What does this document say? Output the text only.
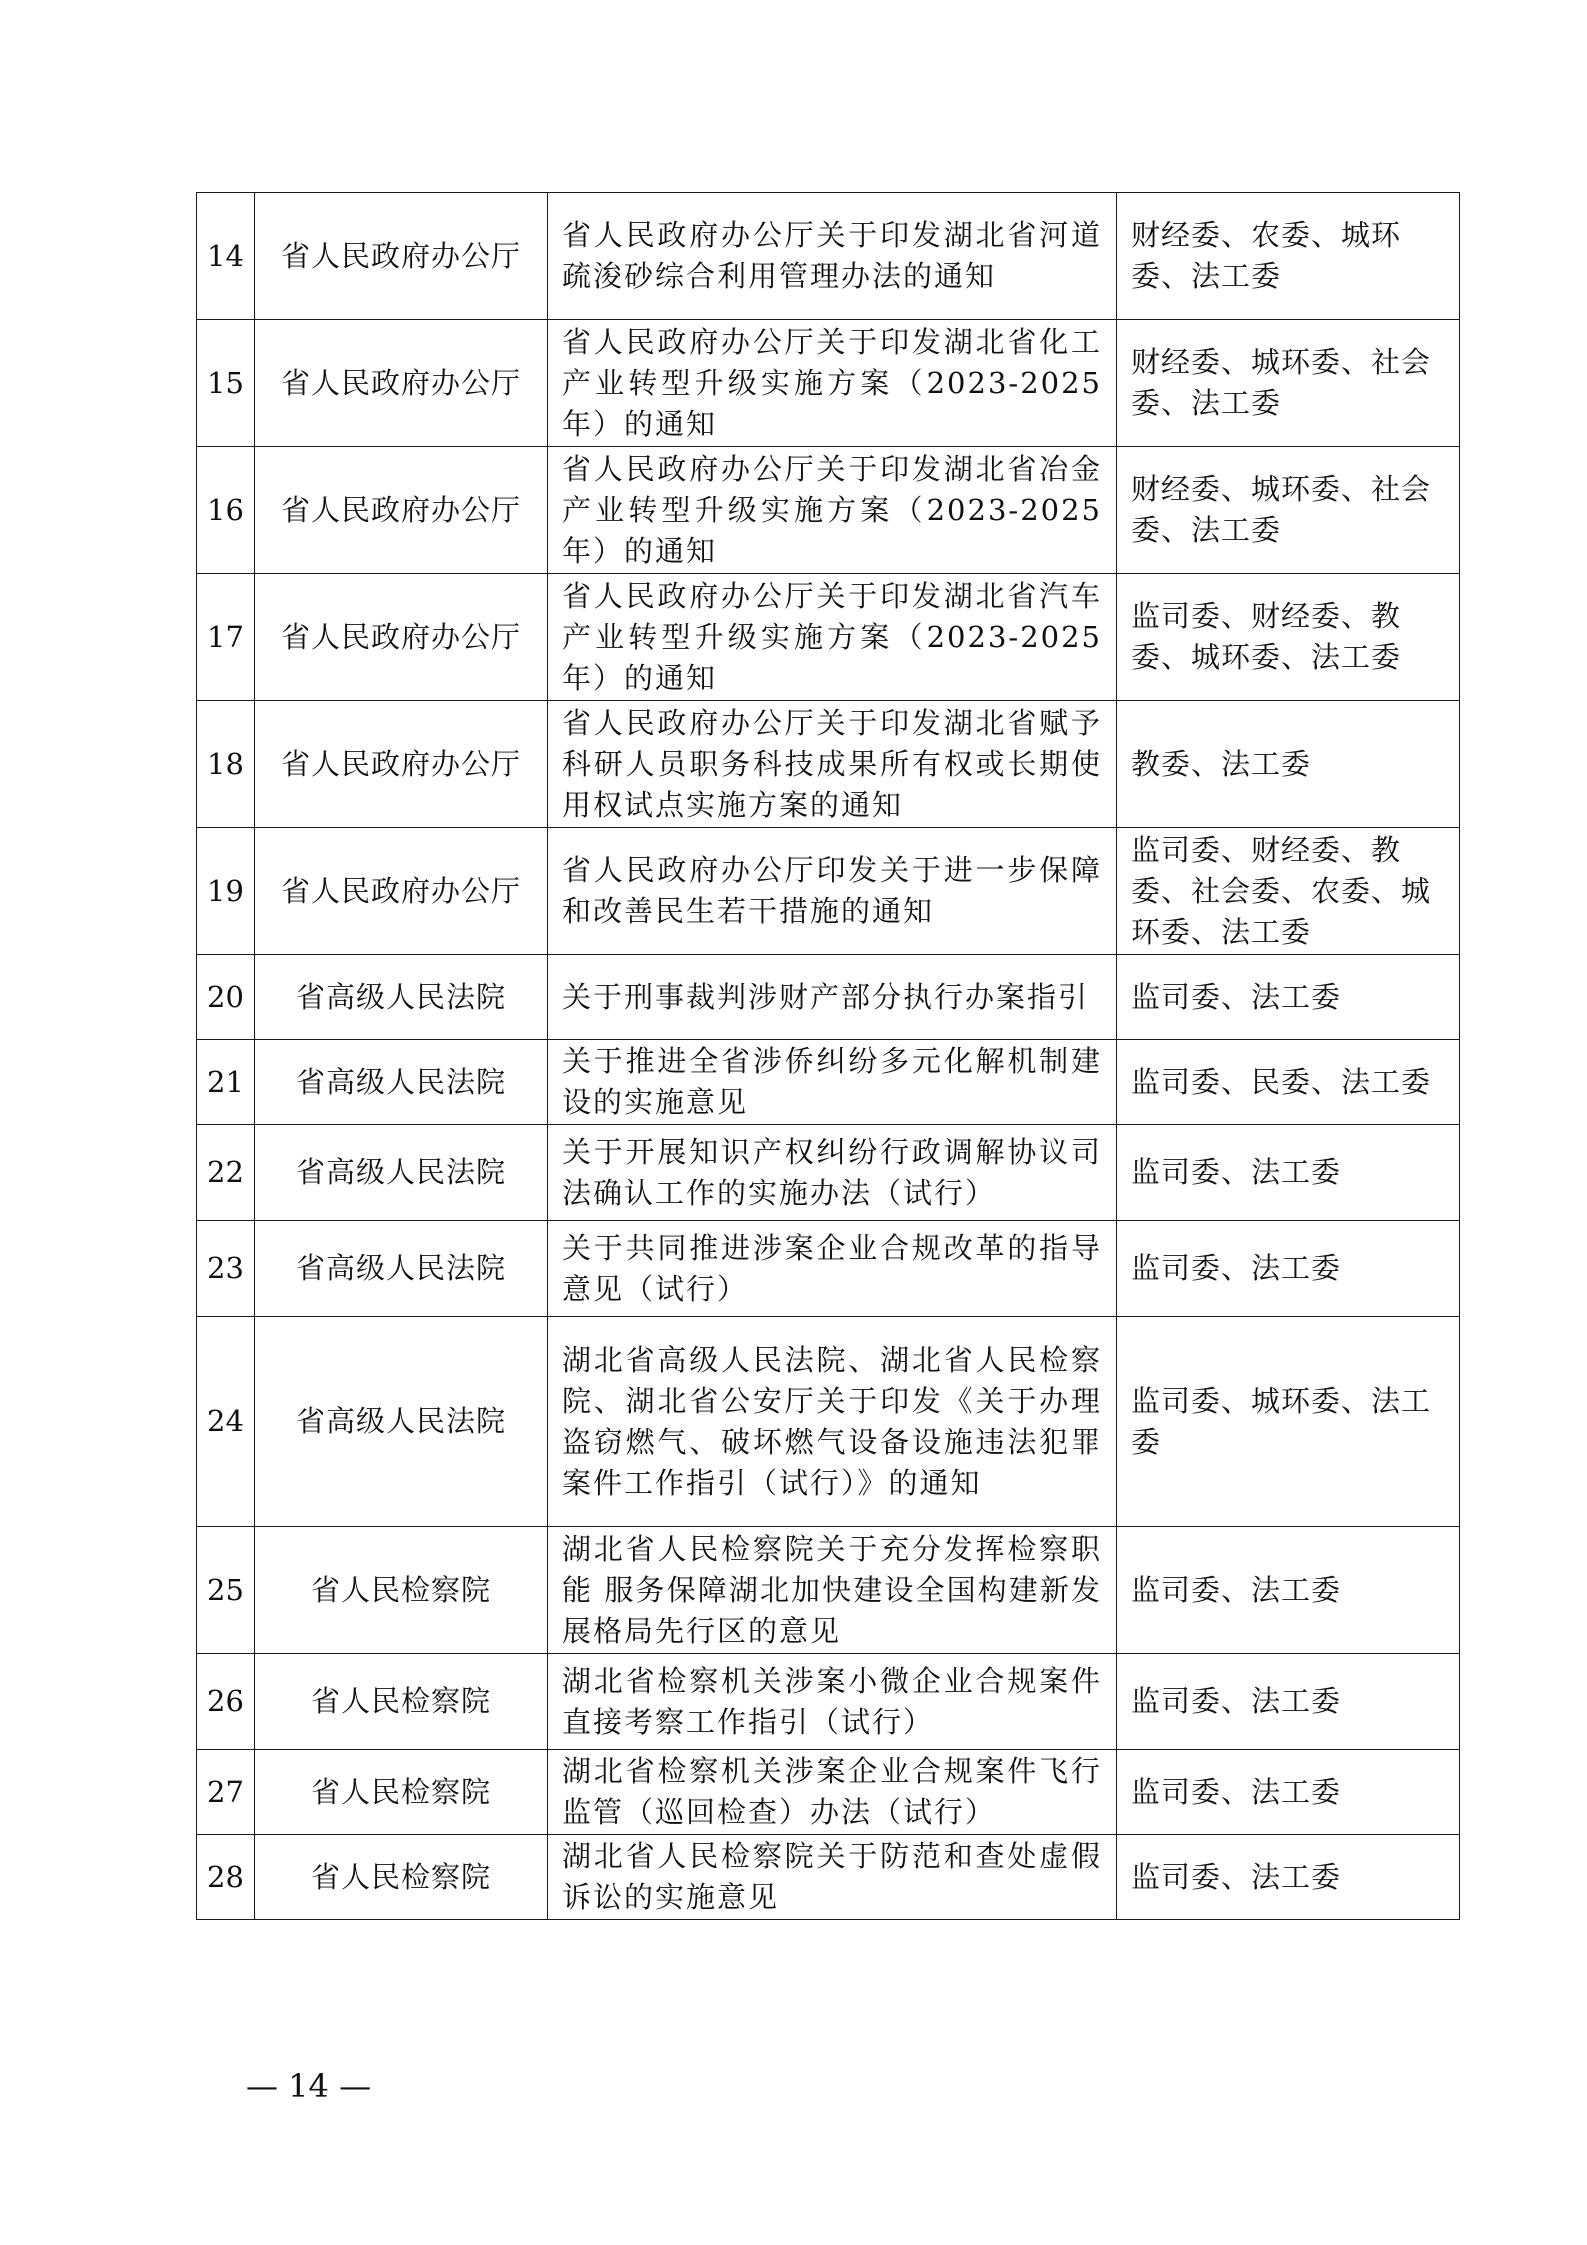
14	省人民政府办公厅	省人民政府办公厅关于印发湖北省河道疏浚砂综合利用管理办法的通知	财经委、农委、城环委、法工委
15	省人民政府办公厅	省人民政府办公厅关于印发湖北省化工产业转型升级实施方案（2023-2025年）的通知	财经委、城环委、社会委、法工委
16	省人民政府办公厅	省人民政府办公厅关于印发湖北省冶金产业转型升级实施方案（2023-2025年）的通知	财经委、城环委、社会委、法工委
17	省人民政府办公厅	省人民政府办公厅关于印发湖北省汽车产业转型升级实施方案（2023-2025年）的通知	监司委、财经委、教委、城环委、法工委
18	省人民政府办公厅	省人民政府办公厅关于印发湖北省赋予科研人员职务科技成果所有权或长期使用权试点实施方案的通知	教委、法工委
19	省人民政府办公厅	省人民政府办公厅印发关于进一步保障和改善民生若干措施的通知	监司委、财经委、教委、社会委、农委、城环委、法工委
20	省高级人民法院	关于刑事裁判涉财产部分执行办案指引	监司委、法工委
21	省高级人民法院	关于推进全省涉侨纠纷多元化解机制建设的实施意见	监司委、民委、法工委
22	省高级人民法院	关于开展知识产权纠纷行政调解协议司法确认工作的实施办法（试行）	监司委、法工委
23	省高级人民法院	关于共同推进涉案企业合规改革的指导意见（试行）	监司委、法工委
24	省高级人民法院	湖北省高级人民法院、湖北省人民检察院、湖北省公安厅关于印发《关于办理盗窃燃气、破坏燃气设备设施违法犯罪案件工作指引（试行）》的通知	监司委、城环委、法工委
25	省人民检察院	湖北省人民检察院关于充分发挥检察职能 服务保障湖北加快建设全国构建新发展格局先行区的意见	监司委、法工委
26	省人民检察院	湖北省检察机关涉案小微企业合规案件直接考察工作指引（试行）	监司委、法工委
27	省人民检察院	湖北省检察机关涉案企业合规案件飞行监管（巡回检查）办法（试行）	监司委、法工委
28	省人民检察院	湖北省人民检察院关于防范和查处虚假诉讼的实施意见	监司委、法工委
— 14 —
